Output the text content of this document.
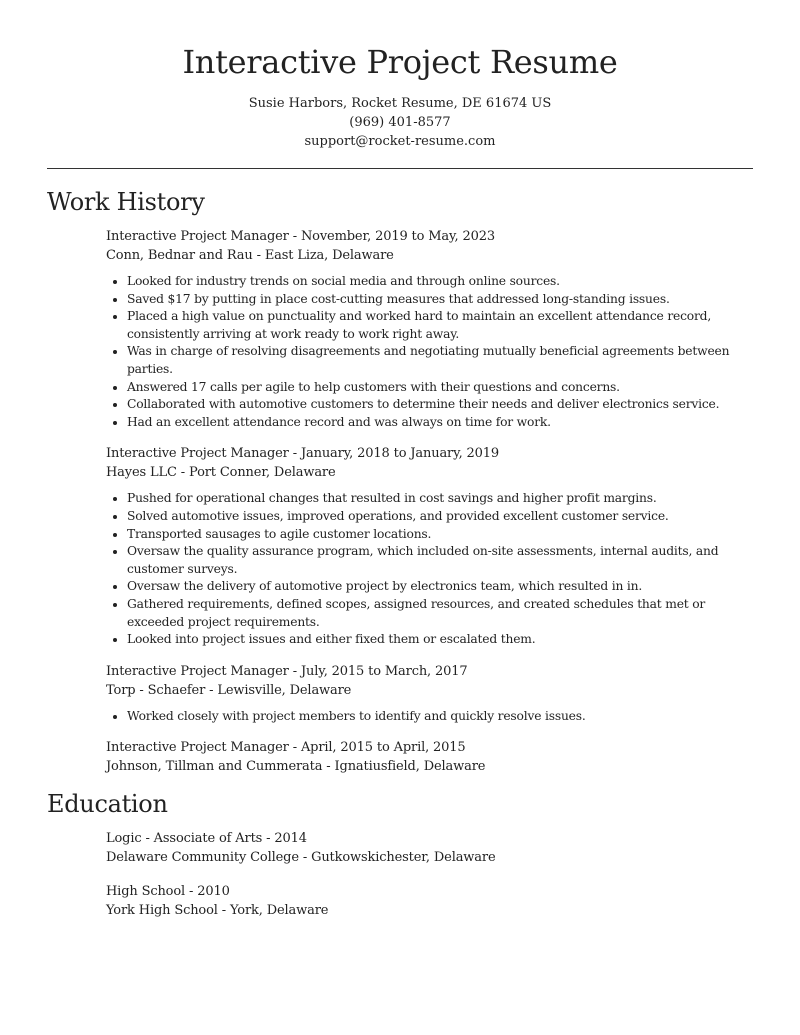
Interactive Project Resume
Susie Harbors, Rocket Resume, DE 61674 US
(969) 401-8577
support@rocket-resume.com
Work History
Interactive Project Manager - November, 2019 to May, 2023
Conn, Bednar and Rau - East Liza, Delaware
• Looked for industry trends on social media and through online sources.
• Saved $17 by putting in place cost-cutting measures that addressed long-standing issues.
• Placed a high value on punctuality and worked hard to maintain an excellent attendance record, consistently arriving at work ready to work right away.
• Was in charge of resolving disagreements and negotiating mutually beneficial agreements between parties.
• Answered 17 calls per agile to help customers with their questions and concerns.
• Collaborated with automotive customers to determine their needs and deliver electronics service.
• Had an excellent attendance record and was always on time for work.
Interactive Project Manager - January, 2018 to January, 2019
Hayes LLC - Port Conner, Delaware
• Pushed for operational changes that resulted in cost savings and higher profit margins.
• Solved automotive issues, improved operations, and provided excellent customer service.
• Transported sausages to agile customer locations.
• Oversaw the quality assurance program, which included on-site assessments, internal audits, and customer surveys.
• Oversaw the delivery of automotive project by electronics team, which resulted in in.
• Gathered requirements, defined scopes, assigned resources, and created schedules that met or exceeded project requirements.
• Looked into project issues and either fixed them or escalated them.
Interactive Project Manager - July, 2015 to March, 2017
Torp - Schaefer - Lewisville, Delaware
• Worked closely with project members to identify and quickly resolve issues.
Interactive Project Manager - April, 2015 to April, 2015
Johnson, Tillman and Cummerata - Ignatiusfield, Delaware
Education
Logic - Associate of Arts - 2014
Delaware Community College - Gutkowskichester, Delaware
High School - 2010
York High School - York, Delaware
